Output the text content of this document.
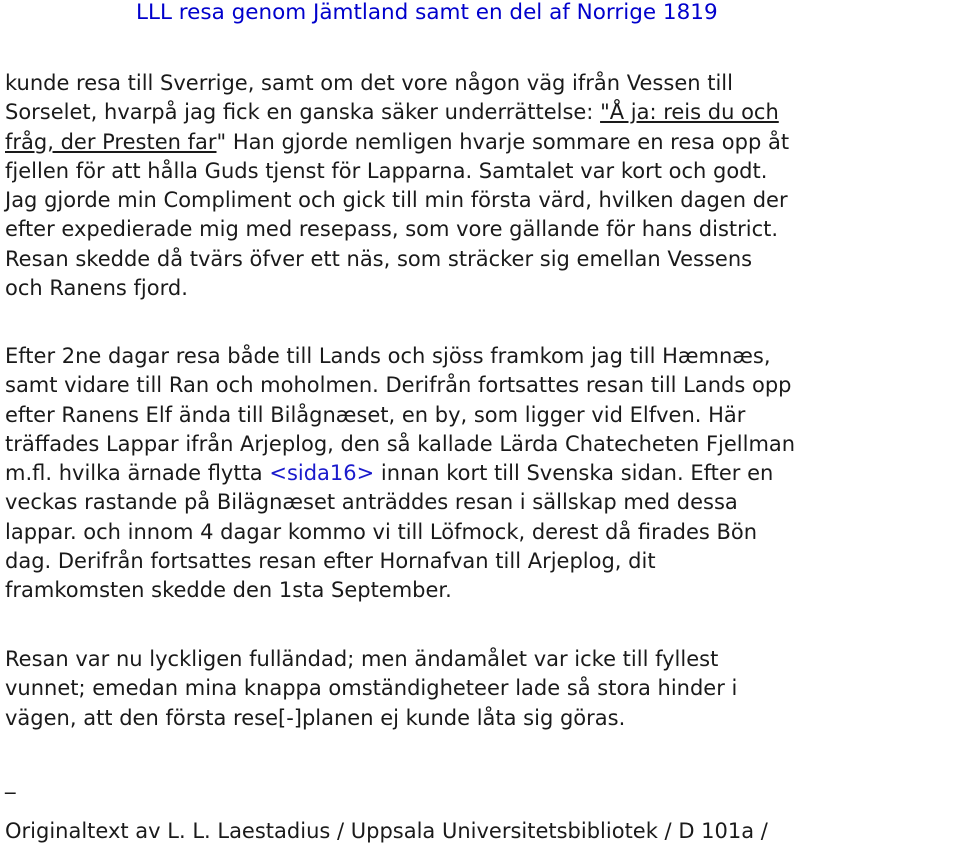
LLL resa genom Jämtland samt en del af Norrige 1819
kunde resa till Sverrige, samt om det vore någon väg ifrån Vessen till
Sorselet, hvarpå jag fick en ganska säker underrättelse: "Å ja: reis du och
fråg, der Presten far" Han gjorde nemligen hvarje sommare en resa opp åt
fjellen för att hålla Guds tjenst för Lapparna. Samtalet var kort och godt.
Jag gjorde min Compliment och gick till min första värd, hvilken dagen der
efter expedierade mig med resepass, som vore gällande för hans district.
Resan skedde då tvärs öfver ett näs, som sträcker sig emellan Vessens
och Ranens fjord.
Efter 2ne dagar resa både till Lands och sjöss framkom jag till Hæmnæs,
samt vidare till Ran och moholmen. Derifrån fortsattes resan till Lands opp
efter Ranens Elf ända till Bilågnæset, en by, som ligger vid Elfven. Här
träffades Lappar ifrån Arjeplog, den så kallade Lärda Chatecheten Fjellman
m.fl. hvilka ärnade flytta <sida16> innan kort till Svenska sidan. Efter en
veckas rastande på Bilägnæset anträddes resan i sällskap med dessa
lappar. och innom 4 dagar kommo vi till Löfmock, derest då firades Bön
dag. Derifrån fortsattes resan efter Hornafvan till Arjeplog, dit
framkomsten skedde den 1sta September.
Resan var nu lyckligen fulländad; men ändamålet var icke till fyllest
vunnet; emedan mina knappa omständigheteer lade så stora hinder i
vägen, att den första rese[-]planen ej kunde låta sig göras.
_
Originaltext av L. L. Laestadius / Uppsala Universitetsbibliotek / D 101a /
